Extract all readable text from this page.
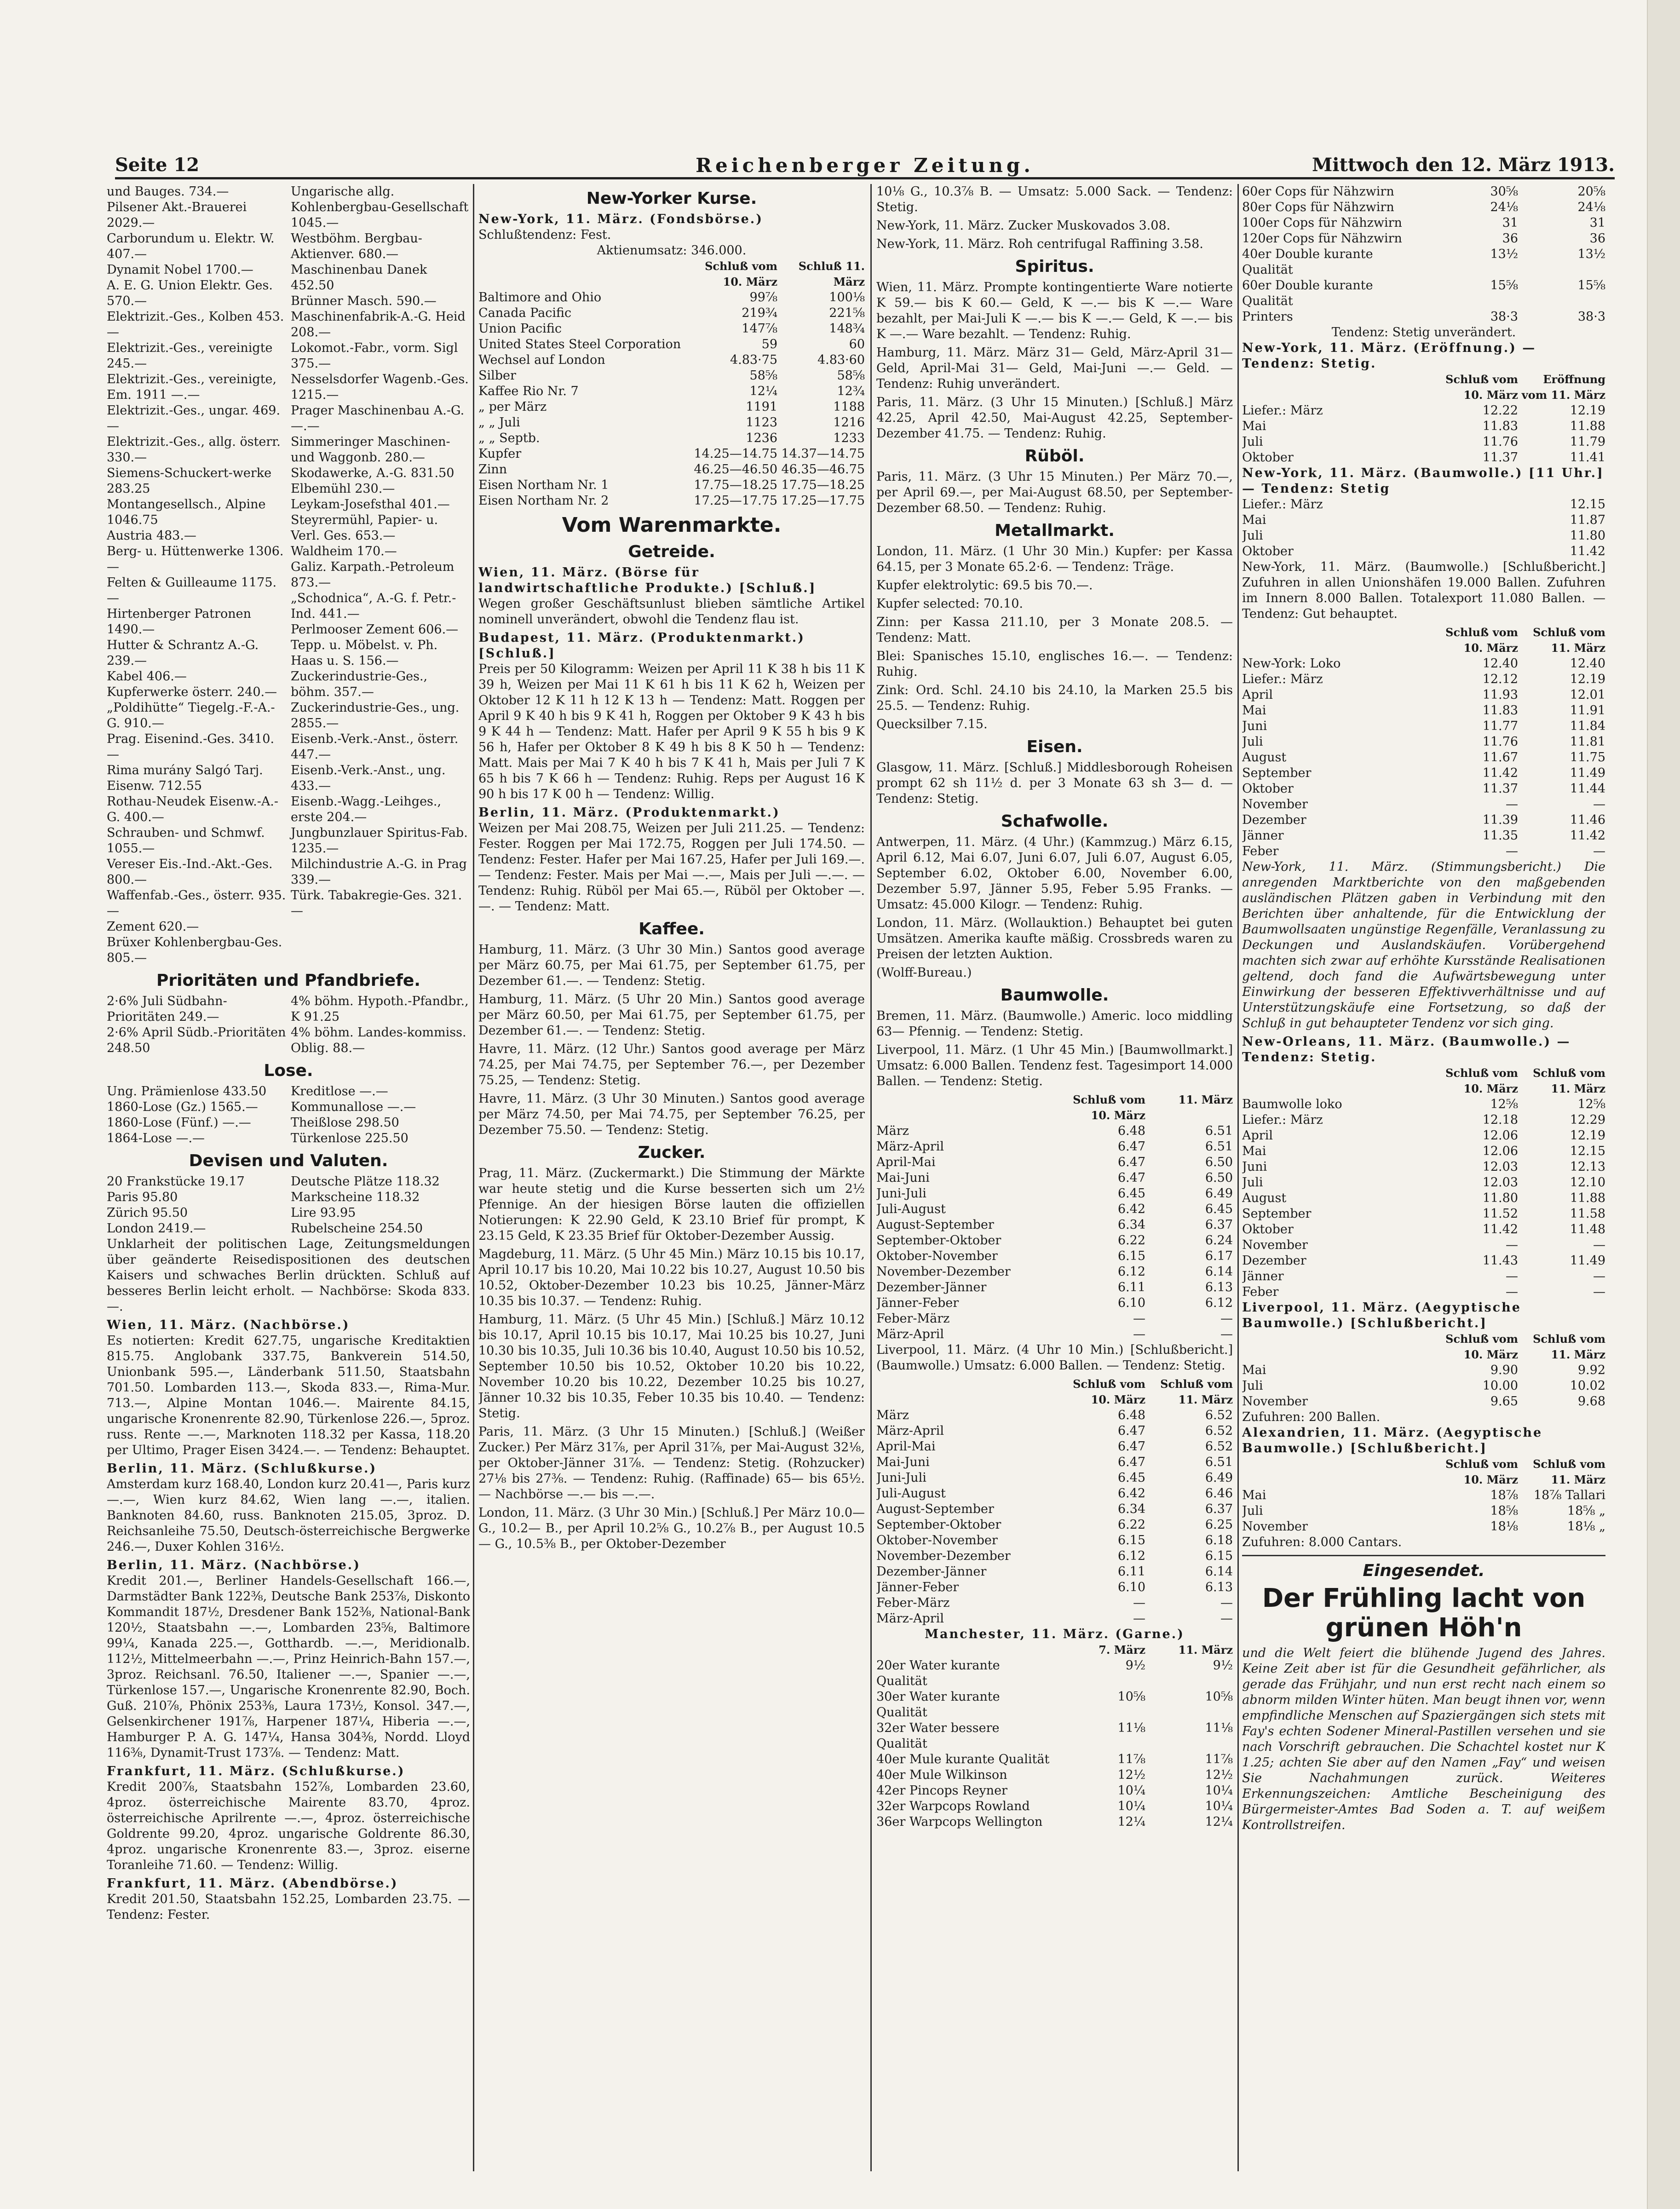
Seite 12	Reichenberger Zeitung.	Mittwoch den 12. März 1913.
und Bauges. 734.—
Pilsener Akt.-Brauerei 2029.—
Carborundum u. Elektr. W. 407.—
Dynamit Nobel 1700.—
A. E. G. Union Elektr. Ges. 570.—
Elektrizit.-Ges., Kolben 453.—
Elektrizit.-Ges., vereinigte 245.—
Elektrizit.-Ges., vereinigte, Em. 1911 —.—
Elektrizit.-Ges., ungar. 469.—
Elektrizit.-Ges., allg. österr. 330.—
Siemens-Schuckert-werke 283.25
Montangesellsch., Alpine 1046.75
Austria 483.—
Berg- u. Hüttenwerke 1306.—
Felten & Guilleaume 1175.—
Hirtenberger Patronen 1490.—
Hutter & Schrantz A.-G. 239.—
Kabel 406.—
Kupferwerke österr. 240.—
„Poldihütte“ Tiegelg.-F.-A.-G. 910.—
Prag. Eisenind.-Ges. 3410.—
Rima murány Salgó Tarj. Eisenw. 712.55
Rothau-Neudek Eisenw.-A.-G. 400.—
Schrauben- und Schmwf. 1055.—
Vereser Eis.-Ind.-Akt.-Ges. 800.—
Waffenfab.-Ges., österr. 935.—
Zement 620.—
Brüxer Kohlenbergbau-Ges. 805.—
Ungarische allg. Kohlenbergbau-Gesellschaft 1045.—
Westböhm. Bergbau-Aktienver. 680.—
Maschinenbau Danek 452.50
Brünner Masch. 590.—
Maschinenfabrik-A.-G. Heid 208.—
Lokomot.-Fabr., vorm. Sigl 375.—
Nesselsdorfer Wagenb.-Ges. 1215.—
Prager Maschinenbau A.-G. —.—
Simmeringer Maschinen- und Waggonb. 280.—
Skodawerke, A.-G. 831.50
Elbemühl 230.—
Leykam-Josefsthal 401.—
Steyrermühl, Papier- u. Verl. Ges. 653.—
Waldheim 170.—
Galiz. Karpath.-Petroleum 873.—
„Schodnica“, A.-G. f. Petr.-Ind. 441.—
Perlmooser Zement 606.—
Tepp. u. Möbelst. v. Ph. Haas u. S. 156.—
Zuckerindustrie-Ges., böhm. 357.—
Zuckerindustrie-Ges., ung. 2855.—
Eisenb.-Verk.-Anst., österr. 447.—
Eisenb.-Verk.-Anst., ung. 433.—
Eisenb.-Wagg.-Leihges., erste 204.—
Jungbunzlauer Spiritus-Fab. 1235.—
Milchindustrie A.-G. in Prag 339.—
Türk. Tabakregie-Ges. 321.—
Prioritäten und Pfandbriefe.
2·6% Juli Südbahn-Prioritäten 249.—
4% böhm. Hypoth.-Pfandbr., K 91.25
2·6% April Südb.-Prioritäten 248.50
4% böhm. Landes-kommiss. Oblig. 88.—
Lose.
Ung. Prämienlose 433.50	Kreditlose —.—
1860-Lose (Gz.) 1565.—	Kommunallose —.—
1860-Lose (Fünf.) —.—	Theißlose 298.50
1864-Lose —.—	Türkenlose 225.50
Devisen und Valuten.
20 Frankstücke 19.17	Deutsche Plätze 118.32
Paris 95.80	Markscheine 118.32
Zürich 95.50	Lire 93.95
London 2419.—	Rubelscheine 254.50

Unklarheit der politischen Lage, Zeitungsmeldungen über geänderte Reisedispositionen des deutschen Kaisers und schwaches Berlin drückten. Schluß auf besseres Berlin leicht erholt. — Nachbörse: Skoda 833.—.

Wien, 11. März. (Nachbörse.)

Es notierten: Kredit 627.75, ungarische Kreditaktien 815.75. Anglobank 337.75, Bankverein 514.50, Unionbank 595.—, Länderbank 511.50, Staatsbahn 701.50. Lombarden 113.—, Skoda 833.—, Rima-Mur. 713.—, Alpine Montan 1046.—. Mairente 84.15, ungarische Kronenrente 82.90, Türkenlose 226.—, 5proz. russ. Rente —.—, Marknoten 118.32 per Kassa, 118.20 per Ultimo, Prager Eisen 3424.—. — Tendenz: Behauptet.

Berlin, 11. März. (Schlußkurse.)

Amsterdam kurz 168.40, London kurz 20.41—, Paris kurz —.—, Wien kurz 84.62, Wien lang —.—, italien. Banknoten 84.60, russ. Banknoten 215.05, 3proz. D. Reichsanleihe 75.50, Deutsch-österreichische Bergwerke 246.—, Duxer Kohlen 316½.

Berlin, 11. März. (Nachbörse.)

Kredit 201.—, Berliner Handels-Gesellschaft 166.—, Darmstädter Bank 122⅜, Deutsche Bank 253⅞, Diskonto Kommandit 187½, Dresdener Bank 152⅜, National-Bank 120½, Staatsbahn —.—, Lombarden 23⅝, Baltimore 99¼, Kanada 225.—, Gotthardb. —.—, Meridionalb. 112½, Mittelmeerbahn —.—, Prinz Heinrich-Bahn 157.—, 3proz. Reichsanl. 76.50, Italiener —.—, Spanier —.—, Türkenlose 157.—, Ungarische Kronenrente 82.90, Boch. Guß. 210⅞, Phönix 253⅜, Laura 173½, Konsol. 347.—, Gelsenkirchener 191⅞, Harpener 187¼, Hiberia —.—, Hamburger P. A. G. 147¼, Hansa 304⅜, Nordd. Lloyd 116⅜, Dynamit-Trust 173⅞. — Tendenz: Matt.

Frankfurt, 11. März. (Schlußkurse.)

Kredit 200⅞, Staatsbahn 152⅞, Lombarden 23.60, 4proz. österreichische Mairente 83.70, 4proz. österreichische Aprilrente —.—, 4proz. österreichische Goldrente 99.20, 4proz. ungarische Goldrente 86.30, 4proz. ungarische Kronenrente 83.—, 3proz. eiserne Toranleihe 71.60. — Tendenz: Willig.

Frankfurt, 11. März. (Abendbörse.)

Kredit 201.50, Staatsbahn 152.25, Lombarden 23.75. — Tendenz: Fester.

New-Yorker Kurse.
New-York, 11. März. (Fondsbörse.)
Schlußtendenz: Fest.
Aktienumsatz: 346.000.
Schluß vom 10. März
Schluß 11. März
Baltimore and Ohio	99⅞	100⅛
Canada Pacific	219¾	221⅝
Union Pacific	147⅞	148¾
United States Steel Corporation	59	60
Wechsel auf London	4.83·75	4.83·60
Silber	58⅝	58⅝
Kaffee Rio Nr. 7	12¼	12¾
„ per März	1191	1188
„ „ Juli	1123	1216
„ „ Septb.	1236	1233
Kupfer	14.25—14.75 14.37—14.75
Zinn	46.25—46.50 46.35—46.75
Eisen Northam Nr. 1	17.75—18.25 17.75—18.25
Eisen Northam Nr. 2	17.25—17.75 17.25—17.75
Vom Warenmarkte.
Getreide.
Wien, 11. März. (Börse für landwirtschaftliche Produkte.) [Schluß.]

Wegen großer Geschäftsunlust blieben sämtliche Artikel nominell unverändert, obwohl die Tendenz flau ist.

Budapest, 11. März. (Produktenmarkt.) [Schluß.]

Preis per 50 Kilogramm: Weizen per April 11 K 38 h bis 11 K 39 h, Weizen per Mai 11 K 61 h bis 11 K 62 h, Weizen per Oktober 12 K 11 h 12 K 13 h — Tendenz: Matt. Roggen per April 9 K 40 h bis 9 K 41 h, Roggen per Oktober 9 K 43 h bis 9 K 44 h — Tendenz: Matt. Hafer per April 9 K 55 h bis 9 K 56 h, Hafer per Oktober 8 K 49 h bis 8 K 50 h — Tendenz: Matt. Mais per Mai 7 K 40 h bis 7 K 41 h, Mais per Juli 7 K 65 h bis 7 K 66 h — Tendenz: Ruhig. Reps per August 16 K 90 h bis 17 K 00 h — Tendenz: Willig.

Berlin, 11. März. (Produktenmarkt.)

Weizen per Mai 208.75, Weizen per Juli 211.25. — Tendenz: Fester. Roggen per Mai 172.75, Roggen per Juli 174.50. — Tendenz: Fester. Hafer per Mai 167.25, Hafer per Juli 169.—. — Tendenz: Fester. Mais per Mai —.—, Mais per Juli —.—. — Tendenz: Ruhig. Rüböl per Mai 65.—, Rüböl per Oktober —.—. — Tendenz: Matt.

Kaffee.

Hamburg, 11. März. (3 Uhr 30 Min.) Santos good average per März 60.75, per Mai 61.75, per September 61.75, per Dezember 61.—. — Tendenz: Stetig.

Hamburg, 11. März. (5 Uhr 20 Min.) Santos good average per März 60.50, per Mai 61.75, per September 61.75, per Dezember 61.—. — Tendenz: Stetig.

Havre, 11. März. (12 Uhr.) Santos good average per März 74.25, per Mai 74.75, per September 76.—, per Dezember 75.25, — Tendenz: Stetig.

Havre, 11. März. (3 Uhr 30 Minuten.) Santos good average per März 74.50, per Mai 74.75, per September 76.25, per Dezember 75.50. — Tendenz: Stetig.

Zucker.

Prag, 11. März. (Zuckermarkt.) Die Stimmung der Märkte war heute stetig und die Kurse besserten sich um 2½ Pfennige. An der hiesigen Börse lauten die offiziellen Notierungen: K 22.90 Geld, K 23.10 Brief für prompt, K 23.15 Geld, K 23.35 Brief für Oktober-Dezember Aussig.

Magdeburg, 11. März. (5 Uhr 45 Min.) März 10.15 bis 10.17, April 10.17 bis 10.20, Mai 10.22 bis 10.27, August 10.50 bis 10.52, Oktober-Dezember 10.23 bis 10.25, Jänner-März 10.35 bis 10.37. — Tendenz: Ruhig.

Hamburg, 11. März. (5 Uhr 45 Min.) [Schluß.] März 10.12 bis 10.17, April 10.15 bis 10.17, Mai 10.25 bis 10.27, Juni 10.30 bis 10.35, Juli 10.36 bis 10.40, August 10.50 bis 10.52, September 10.50 bis 10.52, Oktober 10.20 bis 10.22, November 10.20 bis 10.22, Dezember 10.25 bis 10.27, Jänner 10.32 bis 10.35, Feber 10.35 bis 10.40. — Tendenz: Stetig.

Paris, 11. März. (3 Uhr 15 Minuten.) [Schluß.] (Weißer Zucker.) Per März 31⅞, per April 31⅞, per Mai-August 32⅛, per Oktober-Jänner 31⅞. — Tendenz: Stetig. (Rohzucker) 27⅛ bis 27⅜. — Tendenz: Ruhig. (Raffinade) 65— bis 65½. — Nachbörse —.— bis —.—.

London, 11. März. (3 Uhr 30 Min.) [Schluß.] Per März 10.0— G., 10.2— B., per April 10.2⅝ G., 10.2⅞ B., per August 10.5— G., 10.5⅜ B., per Oktober-Dezember

10⅛ G., 10.3⅞ B. — Umsatz: 5.000 Sack. — Tendenz: Stetig.

New-York, 11. März. Zucker Muskovados 3.08.

New-York, 11. März. Roh centrifugal Raffining 3.58.

Spiritus.

Wien, 11. März. Prompte kontingentierte Ware notierte K 59.— bis K 60.— Geld, K —.— bis K —.— Ware bezahlt, per Mai-Juli K —.— bis K —.— Geld, K —.— bis K —.— Ware bezahlt. — Tendenz: Ruhig.

Hamburg, 11. März. März 31— Geld, März-April 31— Geld, April-Mai 31— Geld, Mai-Juni —.— Geld. — Tendenz: Ruhig unverändert.

Paris, 11. März. (3 Uhr 15 Minuten.) [Schluß.] März 42.25, April 42.50, Mai-August 42.25, September-Dezember 41.75. — Tendenz: Ruhig.

Rüböl.

Paris, 11. März. (3 Uhr 15 Minuten.) Per März 70.—, per April 69.—, per Mai-August 68.50, per September-Dezember 68.50. — Tendenz: Ruhig.

Metallmarkt.

London, 11. März. (1 Uhr 30 Min.) Kupfer: per Kassa 64.15, per 3 Monate 65.2·6. — Tendenz: Träge.

Kupfer elektrolytic: 69.5 bis 70.—.

Kupfer selected: 70.10.

Zinn: per Kassa 211.10, per 3 Monate 208.5. — Tendenz: Matt.

Blei: Spanisches 15.10, englisches 16.—. — Tendenz: Ruhig.

Zink: Ord. Schl. 24.10 bis 24.10, la Marken 25.5 bis 25.5. — Tendenz: Ruhig.

Quecksilber 7.15.

Eisen.

Glasgow, 11. März. [Schluß.] Middlesborough Roheisen prompt 62 sh 11½ d. per 3 Monate 63 sh 3— d. — Tendenz: Stetig.

Schafwolle.

Antwerpen, 11. März. (4 Uhr.) (Kammzug.) März 6.15, April 6.12, Mai 6.07, Juni 6.07, Juli 6.07, August 6.05, September 6.02, Oktober 6.00, November 6.00, Dezember 5.97, Jänner 5.95, Feber 5.95 Franks. — Umsatz: 45.000 Kilogr. — Tendenz: Ruhig.

London, 11. März. (Wollauktion.) Behauptet bei guten Umsätzen. Amerika kaufte mäßig. Crossbreds waren zu Preisen der letzten Auktion.

(Wolff-Bureau.)

Baumwolle.

Bremen, 11. März. (Baumwolle.) Americ. loco middling 63— Pfennig. — Tendenz: Stetig.

Liverpool, 11. März. (1 Uhr 45 Min.) [Baumwollmarkt.] Umsatz: 6.000 Ballen. Tendenz fest. Tagesimport 14.000 Ballen. — Tendenz: Stetig.

Schluß vom 10. März
11. März
März	6.48	6.51
März-April	6.47	6.51
April-Mai	6.47	6.50
Mai-Juni	6.47	6.50
Juni-Juli	6.45	6.49
Juli-August	6.42	6.45
August-September	6.34	6.37
September-Oktober	6.22	6.24
Oktober-November	6.15	6.17
November-Dezember	6.12	6.14
Dezember-Jänner	6.11	6.13
Jänner-Feber	6.10	6.12
Feber-März	—	—
März-April	—	—

Liverpool, 11. März. (4 Uhr 10 Min.) [Schlußbericht.] (Baumwolle.) Umsatz: 6.000 Ballen. — Tendenz: Stetig.

Schluß vom 10. März
Schluß vom 11. März
März	6.48	6.52
März-April	6.47	6.52
April-Mai	6.47	6.52
Mai-Juni	6.47	6.51
Juni-Juli	6.45	6.49
Juli-August	6.42	6.46
August-September	6.34	6.37
September-Oktober	6.22	6.25
Oktober-November	6.15	6.18
November-Dezember	6.12	6.15
Dezember-Jänner	6.11	6.14
Jänner-Feber	6.10	6.13
Feber-März	—	—
März-April	—	—
Manchester, 11. März. (Garne.)
7. März	11. März
20er Water kurante Qualität
9½	9½
30er Water kurante Qualität
10⅝	10⅝
32er Water bessere Qualität
11⅛	11⅛
40er Mule kurante Qualität	11⅞	11⅞
40er Mule Wilkinson	12½	12½
42er Pincops Reyner	10¼	10¼
32er Warpcops Rowland	10¼	10¼
36er Warpcops Wellington	12¼	12¼
60er Cops für Nähzwirn	30⅝	20⅝
80er Cops für Nähzwirn	24⅛	24⅛
100er Cops für Nähzwirn	31	31
120er Cops für Nähzwirn	36	36
40er Double kurante Qualität
13½	13½
60er Double kurante Qualität
15⅝	15⅝
Printers	38·3	38·3
Tendenz: Stetig unverändert.
New-York, 11. März. (Eröffnung.) — Tendenz: Stetig.
Schluß vom 10. März
Eröffnung vom 11. März
Liefer.: März	12.22	12.19
Mai	11.83	11.88
Juli	11.76	11.79
Oktober	11.37	11.41
New-York, 11. März. (Baumwolle.) [11 Uhr.] — Tendenz: Stetig
Liefer.: März	12.15
Mai	11.87
Juli	11.80
Oktober	11.42

New-York, 11. März. (Baumwolle.) [Schlußbericht.] Zufuhren in allen Unionshäfen 19.000 Ballen. Zufuhren im Innern 8.000 Ballen. Totalexport 11.080 Ballen. — Tendenz: Gut behauptet.

Schluß vom 10. März
Schluß vom 11. März
New-York: Loko	12.40	12.40
Liefer.: März	12.12	12.19
April	11.93	12.01
Mai	11.83	11.91
Juni	11.77	11.84
Juli	11.76	11.81
August	11.67	11.75
September	11.42	11.49
Oktober	11.37	11.44
November	—	—
Dezember	11.39	11.46
Jänner	11.35	11.42
Feber	—	—

New-York, 11. März. (Stimmungsbericht.) Die anregenden Marktberichte von den maßgebenden ausländischen Plätzen gaben in Verbindung mit den Berichten über anhaltende, für die Entwicklung der Baumwollsaaten ungünstige Regenfälle, Veranlassung zu Deckungen und Auslandskäufen. Vorübergehend machten sich zwar auf erhöhte Kursstände Realisationen geltend, doch fand die Aufwärtsbewegung unter Einwirkung der besseren Effektivverhältnisse und auf Unterstützungskäufe eine Fortsetzung, so daß der Schluß in gut behaupteter Tendenz vor sich ging.

New-Orleans, 11. März. (Baumwolle.) — Tendenz: Stetig.
Schluß vom 10. März
Schluß vom 11. März
Baumwolle loko	12⅝	12⅝
Liefer.: März	12.18	12.29
April	12.06	12.19
Mai	12.06	12.15
Juni	12.03	12.13
Juli	12.03	12.10
August	11.80	11.88
September	11.52	11.58
Oktober	11.42	11.48
November	—	—
Dezember	11.43	11.49
Jänner	—	—
Feber	—	—
Liverpool, 11. März. (Aegyptische Baumwolle.) [Schlußbericht.]
Schluß vom 10. März
Schluß vom 11. März
Mai	9.90	9.92
Juli	10.00	10.02
November	9.65	9.68
Zufuhren: 200 Ballen.
Alexandrien, 11. März. (Aegyptische Baumwolle.) [Schlußbericht.]
Schluß vom 10. März
Schluß vom 11. März
Mai	18⅞	18⅞ Tallari
Juli	18⅝	18⅝ „
November	18⅛	18⅛ „
Zufuhren: 8.000 Cantars.
Eingesendet.
Der Frühling lacht von grünen Höh'n

und die Welt feiert die blühende Jugend des Jahres. Keine Zeit aber ist für die Gesundheit gefährlicher, als gerade das Frühjahr, und nun erst recht nach einem so abnorm milden Winter hüten. Man beugt ihnen vor, wenn empfindliche Menschen auf Spaziergängen sich stets mit Fay's echten Sodener Mineral-Pastillen versehen und sie nach Vorschrift gebrauchen. Die Schachtel kostet nur K 1.25; achten Sie aber auf den Namen „Fay“ und weisen Sie Nachahmungen zurück. Weiteres Erkennungszeichen: Amtliche Bescheinigung des Bürgermeister-Amtes Bad Soden a. T. auf weißem Kontrollstreifen.
